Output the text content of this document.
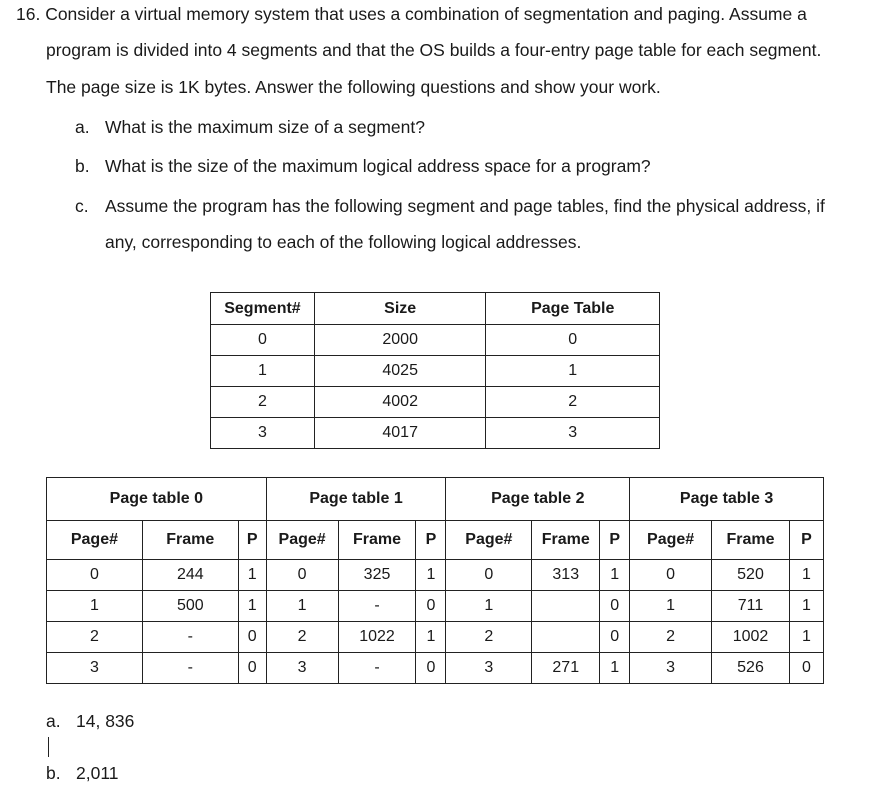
16. Consider a virtual memory system that uses a combination of segmentation and paging. Assume a
program is divided into 4 segments and that the OS builds a four-entry page table for each segment.
The page size is 1K bytes. Answer the following questions and show your work.
a. What is the maximum size of a segment?
b. What is the size of the maximum logical address space for a program?
c. Assume the program has the following segment and page tables, find the physical address, if
any, corresponding to each of the following logical addresses.
Segment#	Size	Page Table
0	2000	0
1	4025	1
2	4002	2
3	4017	3
Page table 0			Page table 1			Page table 2			Page table 3		
Page#	Frame	P	Page#	Frame	P	Page#	Frame	P	Page#	Frame	P
0	244	1	0	325	1	0	313	1	0	520	1
1	500	1	1	-	0	1		0	1	711	1
2	-	0	2	1022	1	2		0	2	1002	1
3	-	0	3	-	0	3	271	1	3	526	0
a. 14, 836
b. 2,011
